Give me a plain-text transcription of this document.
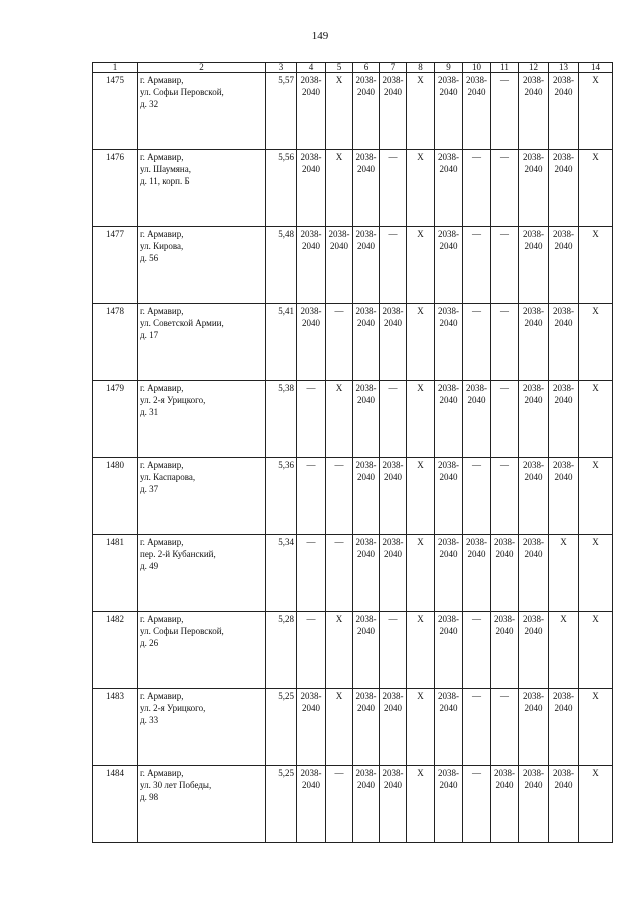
149
1	2	3	4	5	6	7	8	9	10	11	12	13	14
1475	г. Армавир,
ул. Софьи Перовской,
д. 32	5,57	2038-2040	X	2038-2040	2038-2040	X	2038-2040	2038-2040	—	2038-2040	2038-2040	X
1476	г. Армавир,
ул. Шаумяна,
д. 11, корп. Б	5,56	2038-2040	X	2038-2040	—	X	2038-2040	—	—	2038-2040	2038-2040	X
1477	г. Армавир,
ул. Кирова,
д. 56	5,48	2038-2040	2038-2040	2038-2040	—	X	2038-2040	—	—	2038-2040	2038-2040	X
1478	г. Армавир,
ул. Советской Армии,
д. 17	5,41	2038-2040	—	2038-2040	2038-2040	X	2038-2040	—	—	2038-2040	2038-2040	X
1479	г. Армавир,
ул. 2-я Урицкого,
д. 31	5,38	—	X	2038-2040	—	X	2038-2040	2038-2040	—	2038-2040	2038-2040	X
1480	г. Армавир,
ул. Каспарова,
д. 37	5,36	—	—	2038-2040	2038-2040	X	2038-2040	—	—	2038-2040	2038-2040	X
1481	г. Армавир,
пер. 2-й Кубанский,
д. 49	5,34	—	—	2038-2040	2038-2040	X	2038-2040	2038-2040	2038-2040	2038-2040	X	X
1482	г. Армавир,
ул. Софьи Перовской,
д. 26	5,28	—	X	2038-2040	—	X	2038-2040	—	2038-2040	2038-2040	X	X
1483	г. Армавир,
ул. 2-я Урицкого,
д. 33	5,25	2038-2040	X	2038-2040	2038-2040	X	2038-2040	—	—	2038-2040	2038-2040	X
1484	г. Армавир,
ул. 30 лет Победы,
д. 98	5,25	2038-2040	—	2038-2040	2038-2040	X	2038-2040	—	2038-2040	2038-2040	2038-2040	X
